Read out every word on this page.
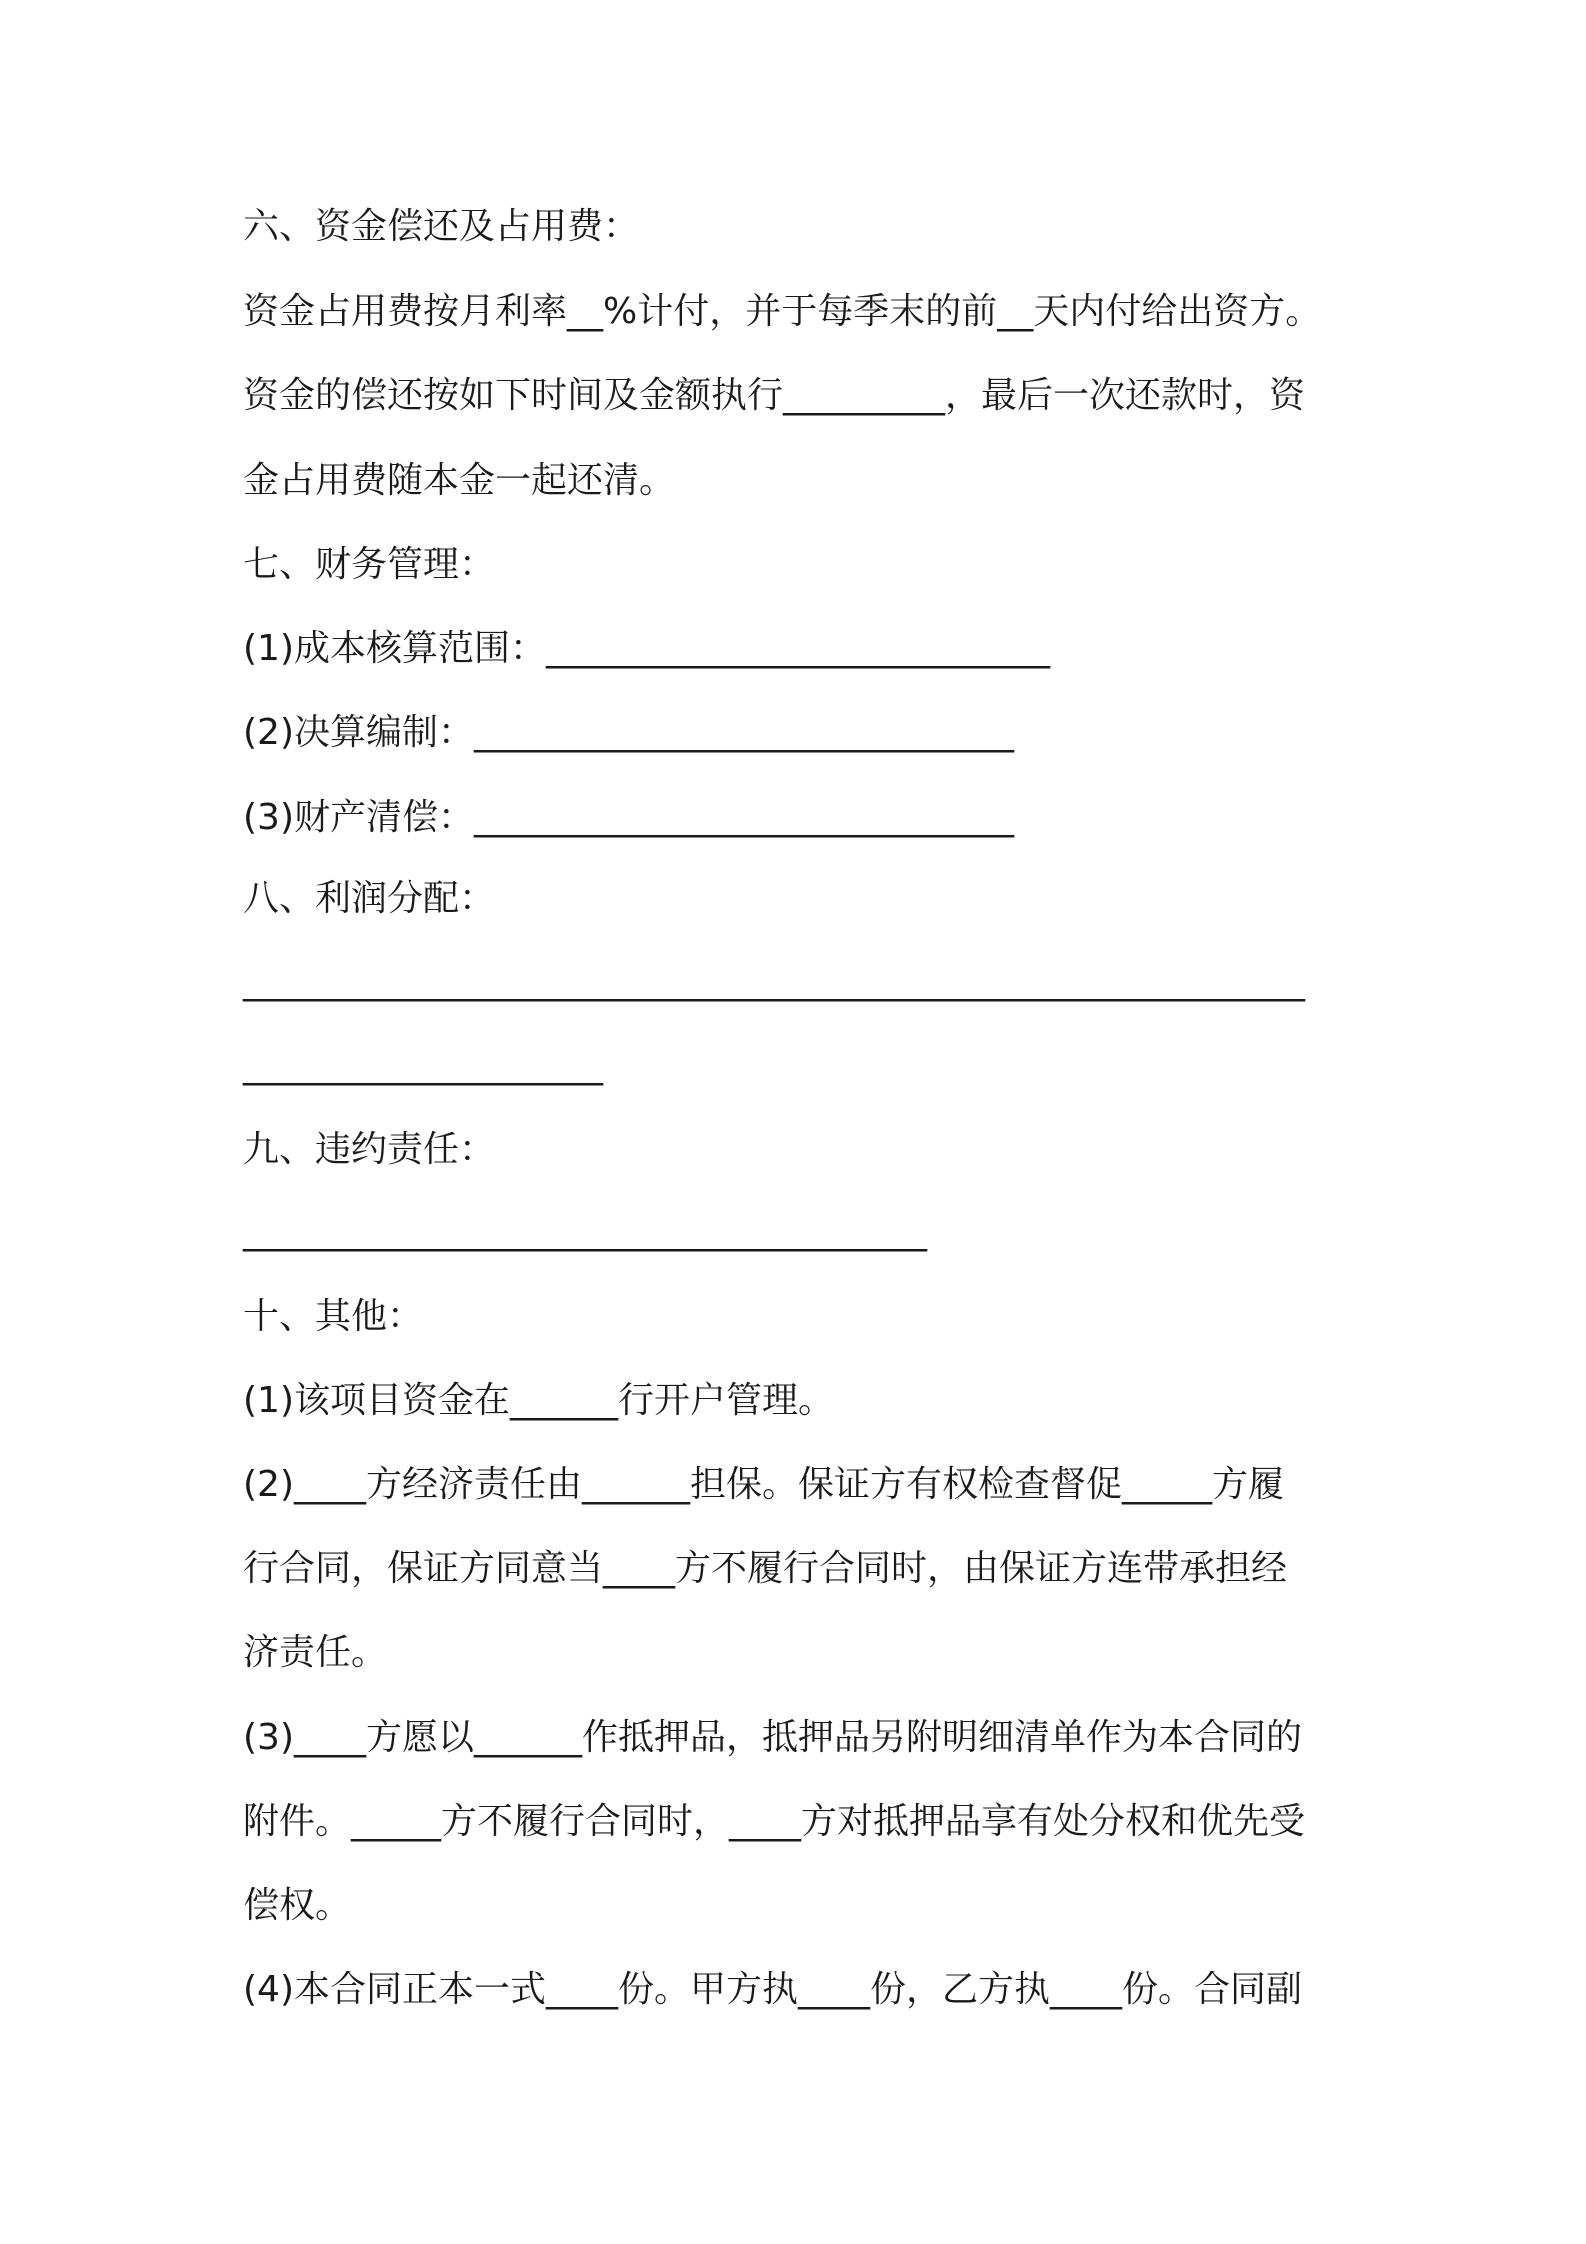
六、资金偿还及占用费：

资金占用费按月利率__%计付，并于每季末的前__天内付给出资方。

资金的偿还按如下时间及金额执行_________，最后一次还款时，资

金占用费随本金一起还清。

七、财务管理：

(1)成本核算范围：____________________________

(2)决算编制：______________________________

(3)财产清偿：______________________________

八、利润分配：

___________________________________________________________

____________________

九、违约责任：

______________________________________

十、其他：

(1)该项目资金在______行开户管理。

(2)____方经济责任由______担保。保证方有权检查督促_____方履

行合同，保证方同意当____方不履行合同时，由保证方连带承担经

济责任。

(3)____方愿以______作抵押品，抵押品另附明细清单作为本合同的

附件。_____方不履行合同时，____方对抵押品享有处分权和优先受

偿权。

(4)本合同正本一式____份。甲方执____份，乙方执____份。合同副
